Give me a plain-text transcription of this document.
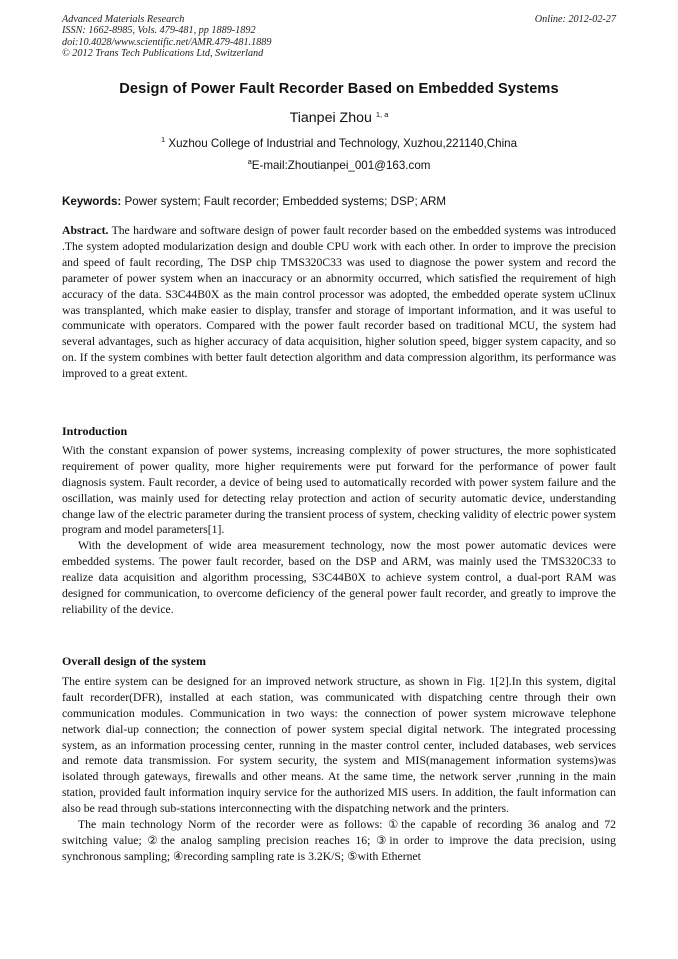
Advanced Materials Research
ISSN: 1662-8985, Vols. 479-481, pp 1889-1892
doi:10.4028/www.scientific.net/AMR.479-481.1889
© 2012 Trans Tech Publications Ltd, Switzerland
Online: 2012-02-27
Design of Power Fault Recorder Based on Embedded Systems
Tianpei Zhou $^{1, a}$
$^1$ Xuzhou College of Industrial and Technology, Xuzhou,221140,China
$^a$E-mail:Zhoutianpei_001@163.com
Keywords: Power system; Fault recorder; Embedded systems; DSP; ARM

Abstract. The hardware and software design of power fault recorder based on the embedded systems was introduced .The system adopted modularization design and double CPU work with each other. In order to improve the precision and speed of fault recording, The DSP chip TMS320C33 was used to diagnose the power system and record the parameter of power system when an inaccuracy or an abnormity occurred, which satisfied the requirement of high accuracy of the data. S3C44B0X as the main control processor was adopted, the embedded operate system uClinux was transplanted, which make easier to display, transfer and storage of important information, and it was useful to communicate with operators. Compared with the power fault recorder based on traditional MCU, the system had several advantages, such as higher accuracy of data acquisition, higher solution speed, bigger system capacity, and so on. If the system combines with better fault detection algorithm and data compression algorithm, its performance was improved to a great extent.

Introduction

With the constant expansion of power systems, increasing complexity of power structures, the more sophisticated requirement of power quality, more higher requirements were put forward for the performance of power fault diagnosis system. Fault recorder, a device of being used to automatically recorded with power system failure and the oscillation, was mainly used for detecting relay protection and action of security automatic device, understanding change law of the electric parameter during the transient process of system, checking validity of electric power system program and model parameters[1].

With the development of wide area measurement technology, now the most power automatic devices were embedded systems. The power fault recorder, based on the DSP and ARM, was mainly used the TMS320C33 to realize data acquisition and algorithm processing, S3C44B0X to achieve system control, a dual-port RAM was designed for communication, to overcome deficiency of the general power fault recorder, and greatly to improve the reliability of the device.

Overall design of the system

The entire system can be designed for an improved network structure, as shown in Fig. 1[2].In this system, digital fault recorder(DFR), installed at each station, was communicated with dispatching centre through their own communication modules. Communication in two ways: the connection of power system microwave telephone network dial-up connection; the connection of power system special digital network. The integrated processing system, as an information processing center, running in the master control center, included databases, web services and remote data transmission. For system security, the system and MIS(management information systems)was isolated through gateways, firewalls and other means. At the same time, the network server ,running in the main station, provided fault information inquiry service for the authorized MIS users. In addition, the fault information can also be read through sub-stations interconnecting with the dispatching network and the printers.

The main technology Norm of the recorder were as follows: ①the capable of recording 36 analog and 72 switching value; ②the analog sampling precision reaches 16; ③in order to improve the data precision, using synchronous sampling; ④recording sampling rate is 3.2K/S; ⑤with Ethernet
